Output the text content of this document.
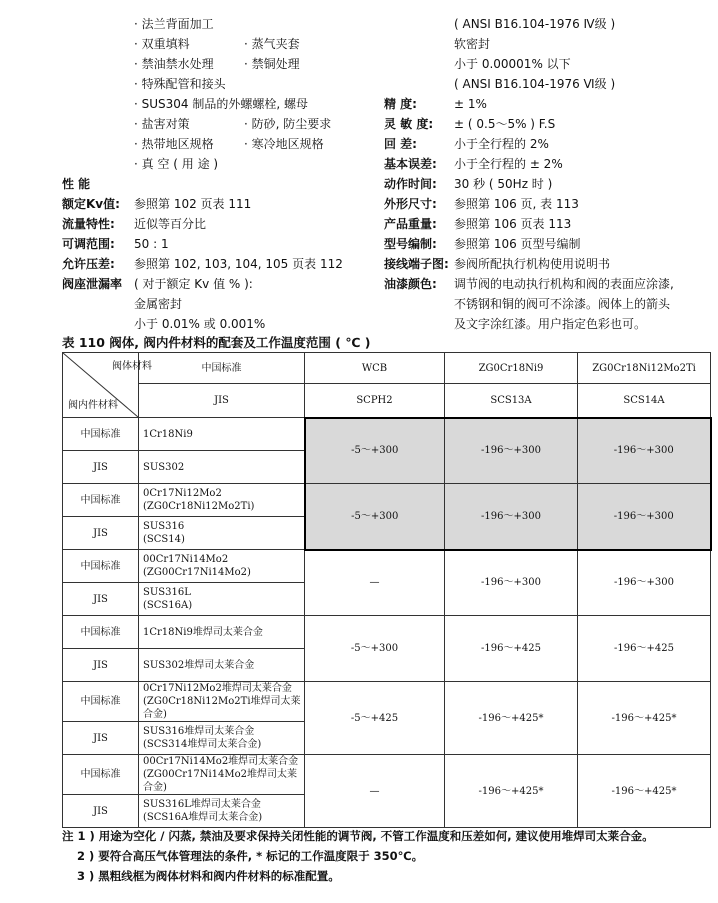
· 法兰背面加工
· 双重填料	· 蒸气夹套
· 禁油禁水处理	· 禁铜处理
· 特殊配管和接头
· SUS304 制品的外螺螺栓, 螺母
· 盐害对策	· 防砂, 防尘要求
· 热带地区规格	· 寒冷地区规格
· 真 空 ( 用 途 )
性 能
额定Kv值: 参照第 102 页表 111
流量特性: 近似等百分比
可调范围: 50 : 1
允许压差: 参照第 102, 103, 104, 105 页表 112
阀座泄漏率 ( 对于额定 Kv 值 % ):
金属密封
小于 0.01% 或 0.001%
( ANSI B16.104-1976 Ⅳ级 )
软密封
小于 0.00001% 以下
( ANSI B16.104-1976 Ⅵ级 )
精 度:	± 1%
灵 敏 度: ± ( 0.5～5% ) F.S
回 差:	小于全行程的 2%
基本误差: 小于全行程的 ± 2%
动作时间: 30 秒 ( 50Hz 时 )
外形尺寸: 参照第 106 页, 表 113
产品重量: 参照第 106 页表 113
型号编制: 参照第 106 页型号编制
接线端子图: 参阀所配执行机构使用说明书
油漆颜色: 调节阀的电动执行机构和阀的表面应涂漆,
不锈钢和铜的阀可不涂漆。阀体上的箭头
及文字涂红漆。用户指定色彩也可。
表 110 阀体, 阀内件材料的配套及工作温度范围 ( ℃ )
	中国标准	WCB	ZG0Cr18Ni9	ZG0Cr18Ni12Mo2Ti
	JIS	SCPH2	SCS13A	SCS14A
中国标准	1Cr18Ni9	-5～+300	-196～+300	-196～+300
JIS	SUS302			
中国标准	0Cr17Ni12Mo2
(ZG0Cr18Ni12Mo2Ti)	-5～+300	-196～+300	-196～+300
JIS	SUS316
(SCS14)			
中国标准	00Cr17Ni14Mo2
(ZG00Cr17Ni14Mo2)	—	-196～+300	-196～+300
JIS	SUS316L
(SCS16A)			
中国标准	1Cr18Ni9堆焊司太莱合金	-5～+300	-196～+425	-196～+425
JIS	SUS302堆焊司太莱合金			
中国标准	0Cr17Ni12Mo2堆焊司太莱合金
(ZG0Cr18Ni12Mo2Ti堆焊司太莱合金)	-5～+425	-196～+425*	-196～+425*
JIS	SUS316堆焊司太莱合金
(SCS314堆焊司太莱合金)			
中国标准	00Cr17Ni14Mo2堆焊司太莱合金
(ZG00Cr17Ni14Mo2堆焊司太莱合金)	—	-196～+425*	-196～+425*
JIS	SUS316L堆焊司太莱合金
(SCS16A堆焊司太莱合金)			
阀体材料
阀内件材料
注 1 ) 用途为空化 / 闪蒸, 禁油及要求保持关闭性能的调节阀, 不管工作温度和压差如何, 建议使用堆焊司太莱合金。
2 ) 要符合高压气体管理法的条件, * 标记的工作温度限于 350℃。
3 ) 黑粗线框为阀体材料和阀内件材料的标准配置。
